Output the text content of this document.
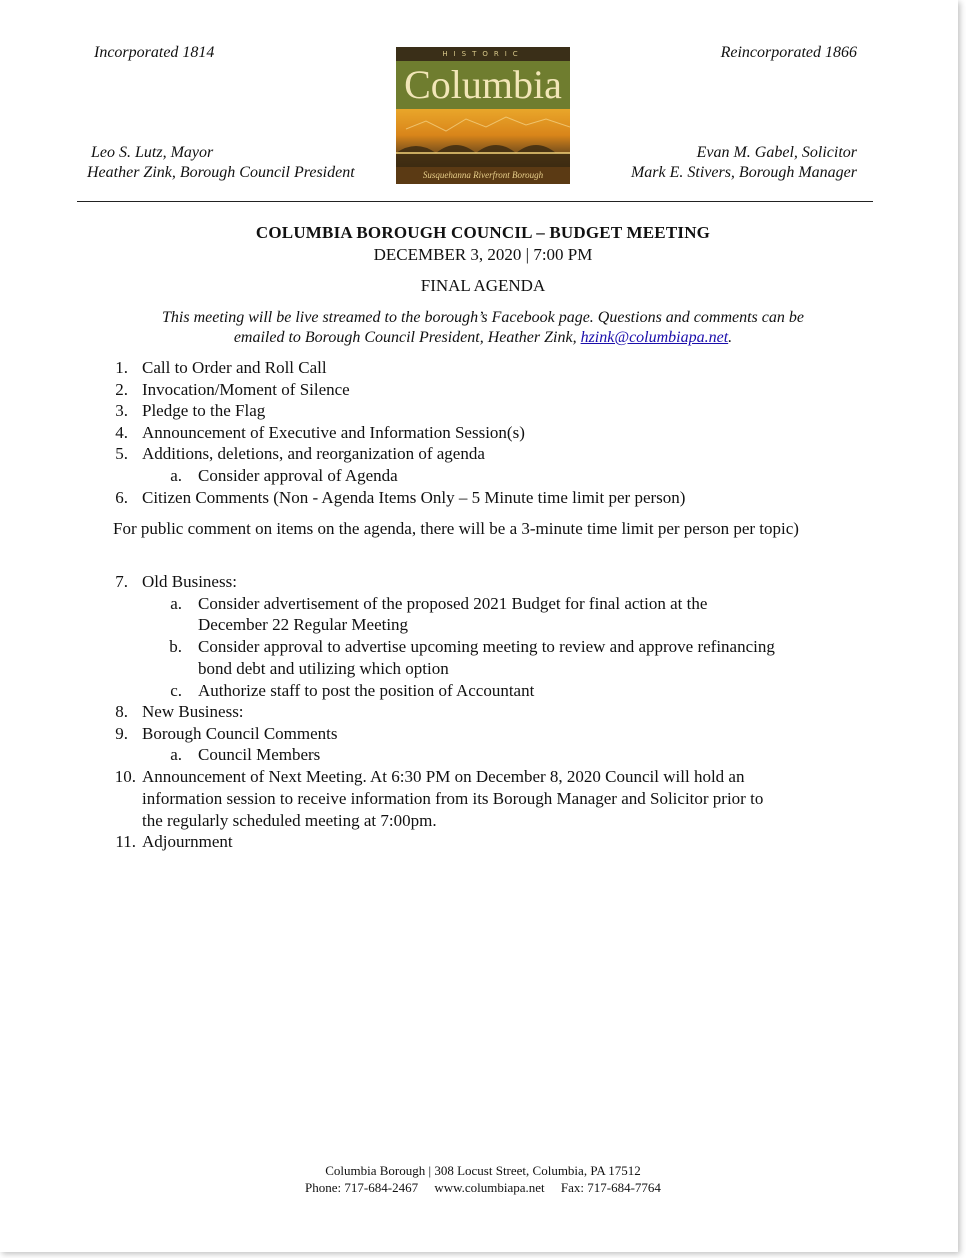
Incorporated 1814	Reincorporated 1866
Leo S. Lutz, Mayor
Heather Zink, Borough Council President
Evan M. Gabel, Solicitor
Mark E. Stivers, Borough Manager
HISTORIC
Columbia
Susquehanna Riverfront Borough
COLUMBIA BOROUGH COUNCIL – BUDGET MEETING
DECEMBER 3, 2020 | 7:00 PM
FINAL AGENDA
This meeting will be live streamed to the borough’s Facebook page. Questions and comments can be
emailed to Borough Council President, Heather Zink, hzink@columbiapa.net.
1. Call to Order and Roll Call
2. Invocation/Moment of Silence
3. Pledge to the Flag
4. Announcement of Executive and Information Session(s)
5. Additions, deletions, and reorganization of agenda
a. Consider approval of Agenda
6. Citizen Comments (Non - Agenda Items Only – 5 Minute time limit per person)
For public comment on items on the agenda, there will be a 3-minute time limit per person per topic)
7. Old Business:
a. Consider advertisement of the proposed 2021 Budget for final action at the
December 22 Regular Meeting
b. Consider approval to advertise upcoming meeting to review and approve refinancing
bond debt and utilizing which option
c. Authorize staff to post the position of Accountant
8. New Business:
9. Borough Council Comments
a. Council Members
10. Announcement of Next Meeting. At 6:30 PM on December 8, 2020 Council will hold an
information session to receive information from its Borough Manager and Solicitor prior to
the regularly scheduled meeting at 7:00pm.
11. Adjournment
Columbia Borough | 308 Locust Street, Columbia, PA 17512
Phone: 717-684-2467     www.columbiapa.net     Fax: 717-684-7764
